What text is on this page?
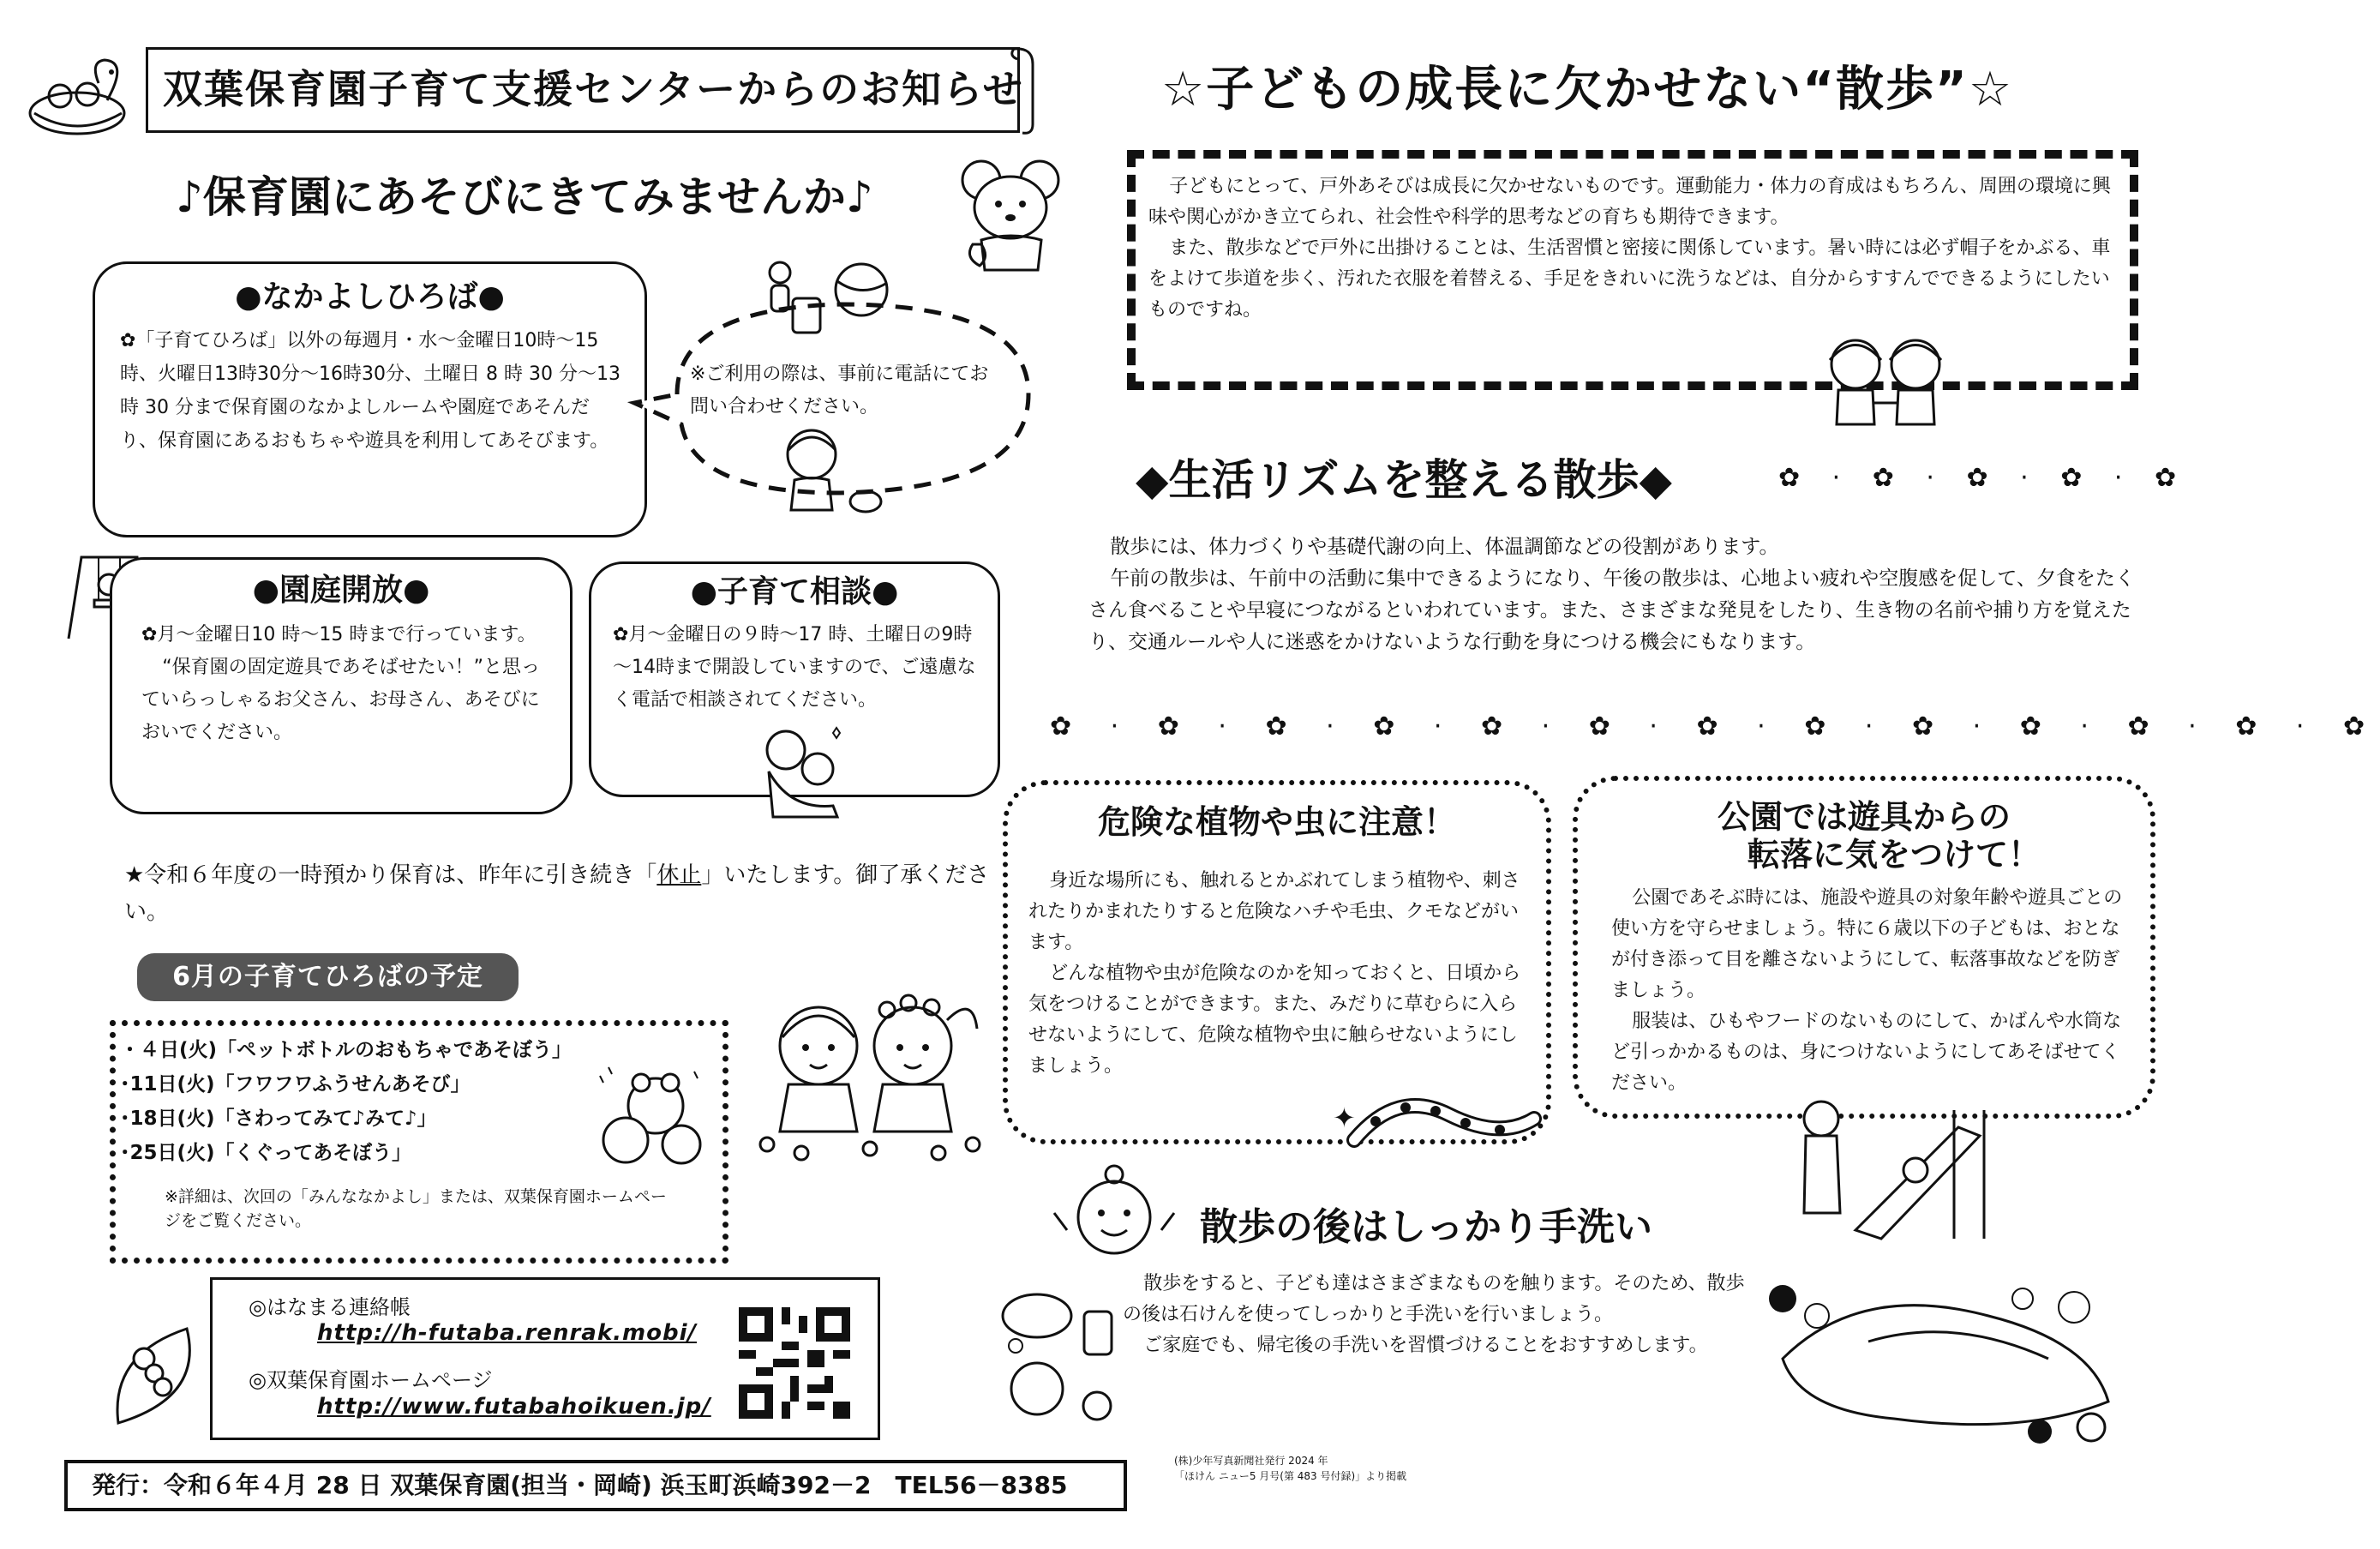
双葉保育園子育て支援センターからのお知らせ
♪保育園にあそびにきてみませんか♪
●なかよしひろば●
✿「子育てひろば」以外の毎週月・水～金曜日10時～15時、火曜日13時30分～16時30分、土曜日 8 時 30 分～13 時 30 分まで保育園のなかよしルームや園庭であそんだり、保育園にあるおもちゃや遊具を利用してあそびます。
※ご利用の際は、事前に電話にてお問い合わせください。
●園庭開放●

✿月～金曜日10 時～15 時まで行っています。

“保育園の固定遊具であそばせたい！”と思っていらっしゃるお父さん、お母さん、あそびにおいでください。

●子育て相談●
✿月～金曜日の９時～17 時、土曜日の9時～14時まで開設していますので、ご遠慮なく電話で相談されてください。
★令和６年度の一時預かり保育は、昨年に引き続き「休止」いたします。御了承ください。
6月の子育てひろばの予定
・４日(火)「ペットボトルのおもちゃであそぼう」
･11日(火)「フワフワふうせんあそび」
･18日(火)「さわってみて♪みて♪」
･25日(火)「くぐってあそぼう」
※詳細は、次回の「みんななかよし」または、双葉保育園ホームページをご覧ください。
◎はなまる連絡帳
http://h-futaba.renrak.mobi/
◎双葉保育園ホームページ
http://www.futabahoikuen.jp/
発行：令和６年４月 28 日 双葉保育園(担当・岡崎) 浜玉町浜崎392－2　TEL56－8385
☆子どもの成長に欠かせない“散歩”☆

子どもにとって、戸外あそびは成長に欠かせないものです。運動能力・体力の育成はもちろん、周囲の環境に興味や関心がかき立てられ、社会性や科学的思考などの育ちも期待できます。

また、散歩などで戸外に出掛けることは、生活習慣と密接に関係しています。暑い時には必ず帽子をかぶる、車をよけて歩道を歩く、汚れた衣服を着替える、手足をきれいに洗うなどは、自分からすすんでできるようにしたいものですね。

◆生活リズムを整える散歩◆	✿ · ✿ · ✿ · ✿ · ✿

散歩には、体力づくりや基礎代謝の向上、体温調節などの役割があります。

午前の散歩は、午前中の活動に集中できるようになり、午後の散歩は、心地よい疲れや空腹感を促して、夕食をたくさん食べることや早寝につながるといわれています。また、さまざまな発見をしたり、生き物の名前や捕り方を覚えたり、交通ルールや人に迷惑をかけないような行動を身につける機会にもなります。

✿ · ✿ · ✿ · ✿ · ✿ · ✿ · ✿ · ✿ · ✿ · ✿ · ✿ · ✿ · ✿
危険な植物や虫に注意！

身近な場所にも、触れるとかぶれてしまう植物や、刺されたりかまれたりすると危険なハチや毛虫、クモなどがいます。

どんな植物や虫が危険なのかを知っておくと、日頃から気をつけることができます。また、みだりに草むらに入らせないようにして、危険な植物や虫に触らせないようにしましょう。

✦
公園では遊具からの
転落に気をつけて！

公園であそぶ時には、施設や遊具の対象年齢や遊具ごとの使い方を守らせましょう。特に６歳以下の子どもは、おとなが付き添って目を離さないようにして、転落事故などを防ぎましょう。

服装は、ひもやフードのないものにして、かばんや水筒など引っかかるものは、身につけないようにしてあそばせてください。

散歩の後はしっかり手洗い

散歩をすると、子ども達はさまざまなものを触ります。そのため、散歩の後は石けんを使ってしっかりと手洗いを行いましょう。

ご家庭でも、帰宅後の手洗いを習慣づけることをおすすめします。

(株)少年写真新聞社発行 2024 年
「ほけん ニュー5 月号(第 483 号付録)」より掲載
